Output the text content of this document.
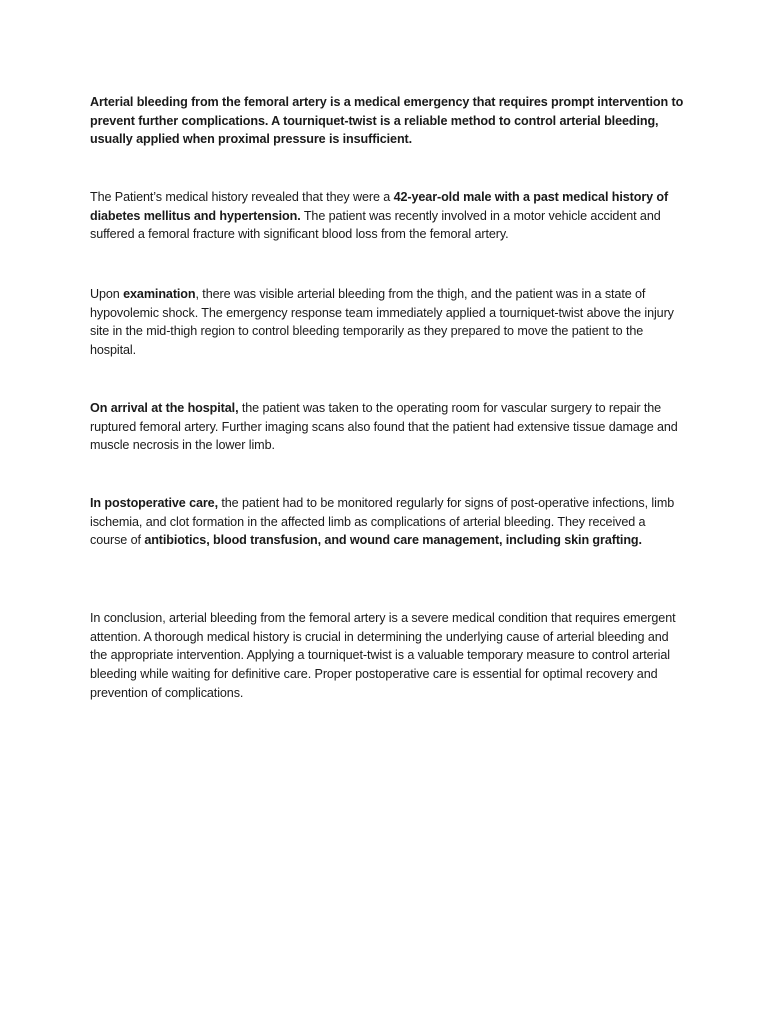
Arterial bleeding from the femoral artery is a medical emergency that requires prompt intervention to prevent further complications. A tourniquet-twist is a reliable method to control arterial bleeding, usually applied when proximal pressure is insufficient.

The Patient’s medical history revealed that they were a 42-year-old male with a past medical history of diabetes mellitus and hypertension. The patient was recently involved in a motor vehicle accident and suffered a femoral fracture with significant blood loss from the femoral artery.

Upon examination, there was visible arterial bleeding from the thigh, and the patient was in a state of hypovolemic shock. The emergency response team immediately applied a tourniquet-twist above the injury site in the mid-thigh region to control bleeding temporarily as they prepared to move the patient to the hospital.

On arrival at the hospital, the patient was taken to the operating room for vascular surgery to repair the ruptured femoral artery. Further imaging scans also found that the patient had extensive tissue damage and muscle necrosis in the lower limb.

In postoperative care, the patient had to be monitored regularly for signs of post-operative infections, limb ischemia, and clot formation in the affected limb as complications of arterial bleeding. They received a course of antibiotics, blood transfusion, and wound care management, including skin grafting.

In conclusion, arterial bleeding from the femoral artery is a severe medical condition that requires emergent attention. A thorough medical history is crucial in determining the underlying cause of arterial bleeding and the appropriate intervention. Applying a tourniquet-twist is a valuable temporary measure to control arterial bleeding while waiting for definitive care. Proper postoperative care is essential for optimal recovery and prevention of complications.
